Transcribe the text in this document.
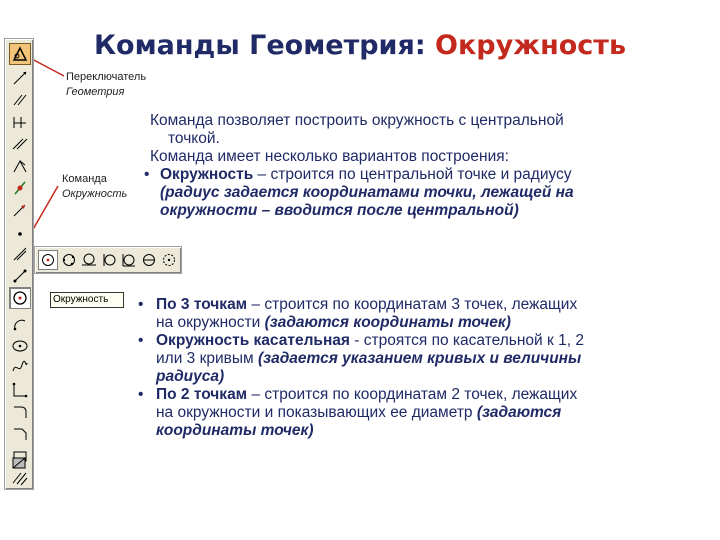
Команды Геометрия: Окружность
Переключатель
Геометрия
Команда
Окружность
Окружность
Команда позволяет построить окружность с центральной
точкой.
Команда имеет несколько вариантов построения:
• Окружность – строится по центральной точке и радиусу
(радиус задается координатами точки, лежащей на
окружности – вводится после центральной)
• По 3 точкам – строится по координатам 3 точек, лежащих
на окружности (задаются координаты точек)
• Окружность касательная - строятся по касательной к 1, 2
или 3 кривым (задается указанием кривых и величины
радиуса)
• По 2 точкам – строится по координатам 2 точек, лежащих
на окружности и показывающих ее диаметр (задаются
координаты точек)
